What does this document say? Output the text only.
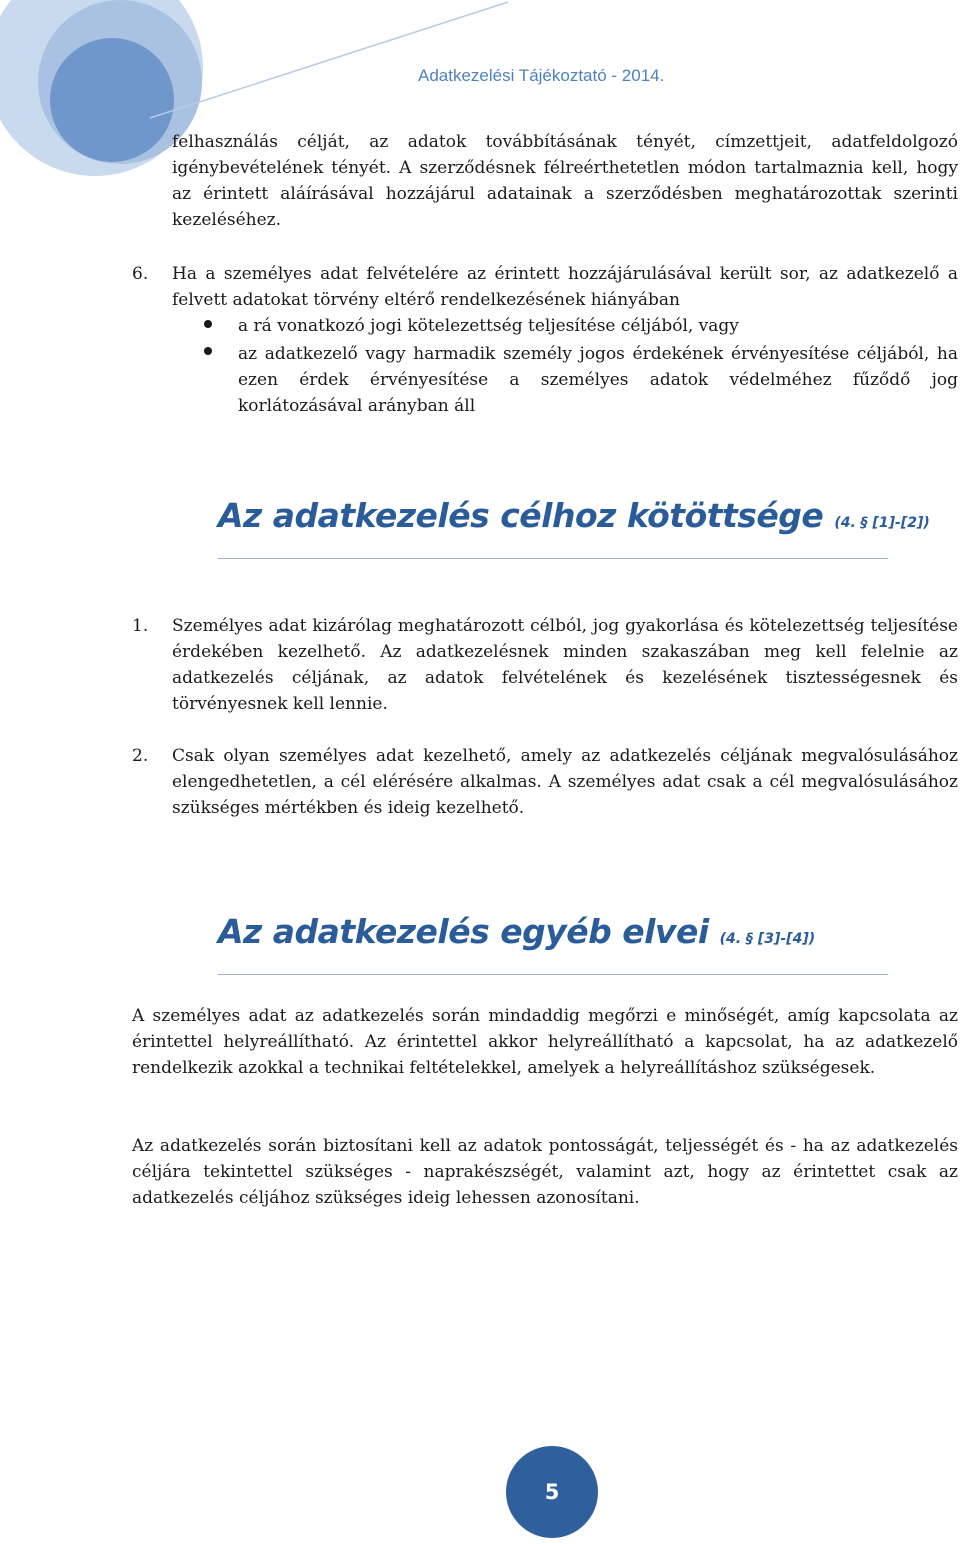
Adatkezelési Tájékoztató - 2014.

felhasználás célját, az adatok továbbításának tényét, címzettjeit, adatfeldolgozó igénybevételének tényét. A szerződésnek félreérthetetlen módon tartalmaznia kell, hogy az érintett aláírásával hozzájárul adatainak a szerződésben meghatározottak szerinti kezeléséhez.

6. Ha a személyes adat felvételére az érintett hozzájárulásával került sor, az adatkezelő a felvett adatokat törvény eltérő rendelkezésének hiányában

a rá vonatkozó jogi kötelezettség teljesítése céljából, vagy

az adatkezelő vagy harmadik személy jogos érdekének érvényesítése céljából, ha ezen érdek érvényesítése a személyes adatok védelméhez fűződő jog korlátozásával arányban áll

Az adatkezelés célhoz kötöttsége (4. § [1]-[2])
1. Személyes adat kizárólag meghatározott célból, jog gyakorlása és kötelezettség teljesítése érdekében kezelhető. Az adatkezelésnek minden szakaszában meg kell felelnie az adatkezelés céljának, az adatok felvételének és kezelésének tisztességesnek és törvényesnek kell lennie.

2. Csak olyan személyes adat kezelhető, amely az adatkezelés céljának megvalósulásához elengedhetetlen, a cél elérésére alkalmas. A személyes adat csak a cél megvalósulásához szükséges mértékben és ideig kezelhető.

Az adatkezelés egyéb elvei (4. § [3]-[4])

A személyes adat az adatkezelés során mindaddig megőrzi e minőségét, amíg kapcsolata az érintettel helyreállítható. Az érintettel akkor helyreállítható a kapcsolat, ha az adatkezelő rendelkezik azokkal a technikai feltételekkel, amelyek a helyreállításhoz szükségesek.

Az adatkezelés során biztosítani kell az adatok pontosságát, teljességét és - ha az adatkezelés céljára tekintettel szükséges - naprakészségét, valamint azt, hogy az érintettet csak az adatkezelés céljához szükséges ideig lehessen azonosítani.

5
